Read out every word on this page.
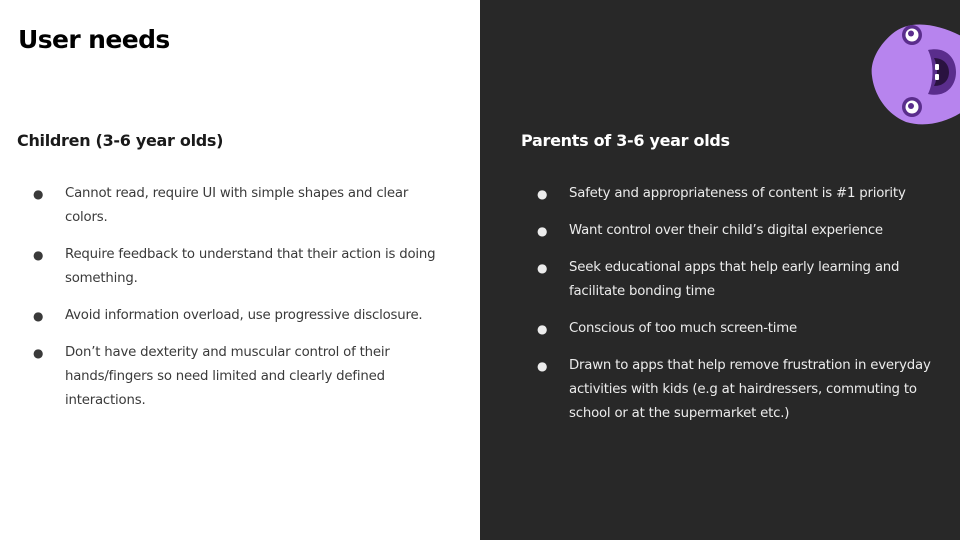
User needs
Children (3-6 year olds)
● Cannot read, require UI with simple shapes and clear colors.
● Require feedback to understand that their action is doing something.
● Avoid information overload, use progressive disclosure.
● Don’t have dexterity and muscular control of their hands/fingers so need limited and clearly defined interactions.
Parents of 3-6 year olds
● Safety and appropriateness of content is #1 priority
● Want control over their child’s digital experience
● Seek educational apps that help early learning and facilitate bonding time
● Conscious of too much screen-time
● Drawn to apps that help remove frustration in everyday activities with kids (e.g at hairdressers, commuting to school or at the supermarket etc.)
